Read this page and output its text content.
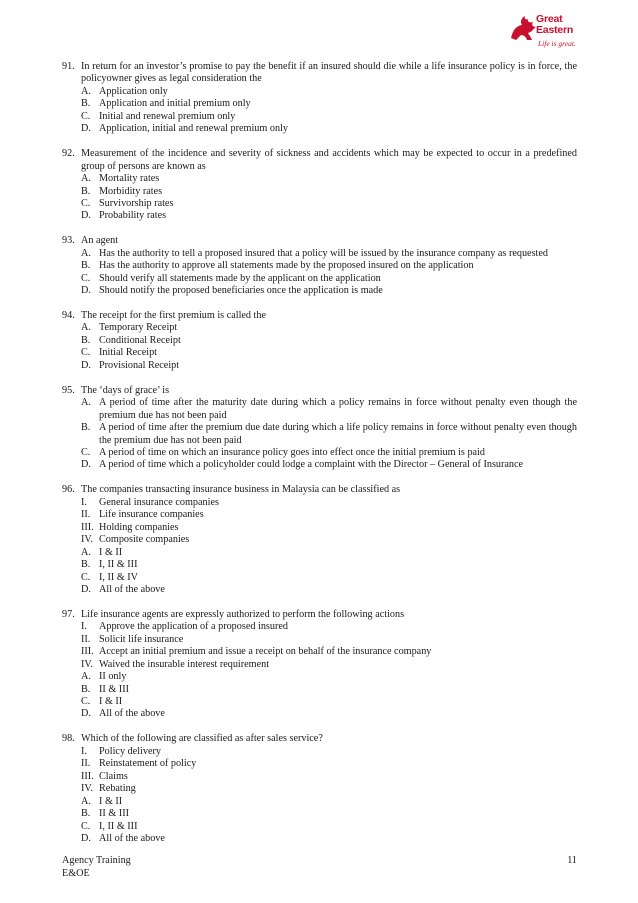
Great
Eastern
Life is great.
91. In return for an investor’s promise to pay the benefit if an insured should die while a life insurance policy is in force, the policyowner gives as legal consideration the
A. Application only
B. Application and initial premium only
C. Initial and renewal premium only
D. Application, initial and renewal premium only
92. Measurement of the incidence and severity of sickness and accidents which may be expected to occur in a predefined group of persons are known as
A. Mortality rates
B. Morbidity rates
C. Survivorship rates
D. Probability rates
93. An agent
A. Has the authority to tell a proposed insured that a policy will be issued by the insurance company as requested
B. Has the authority to approve all statements made by the proposed insured on the application
C. Should verify all statements made by the applicant on the application
D. Should notify the proposed beneficiaries once the application is made
94. The receipt for the first premium is called the
A. Temporary Receipt
B. Conditional Receipt
C. Initial Receipt
D. Provisional Receipt
95. The ‘days of grace’ is
A. A period of time after the maturity date during which a policy remains in force without penalty even though the premium due has not been paid
B. A period of time after the premium due date during which a life policy remains in force without penalty even though the premium due has not been paid
C. A period of time on which an insurance policy goes into effect once the initial premium is paid
D. A period of time which a policyholder could lodge a complaint with the Director – General of Insurance
96. The companies transacting insurance business in Malaysia can be classified as
I.	General insurance companies
II. Life insurance companies
III. Holding companies
IV. Composite companies
A. I & II
B. I, II & III
C. I, II & IV
D. All of the above
97. Life insurance agents are expressly authorized to perform the following actions
I.	Approve the application of a proposed insured
II. Solicit life insurance
III. Accept an initial premium and issue a receipt on behalf of the insurance company
IV. Waived the insurable interest requirement
A. II only
B. II & III
C. I & II
D. All of the above
98. Which of the following are classified as after sales service?
I.	Policy delivery
II. Reinstatement of policy
III. Claims
IV. Rebating
A. I & II
B. II & III
C. I, II & III
D. All of the above
Agency Training
E&OE
11
